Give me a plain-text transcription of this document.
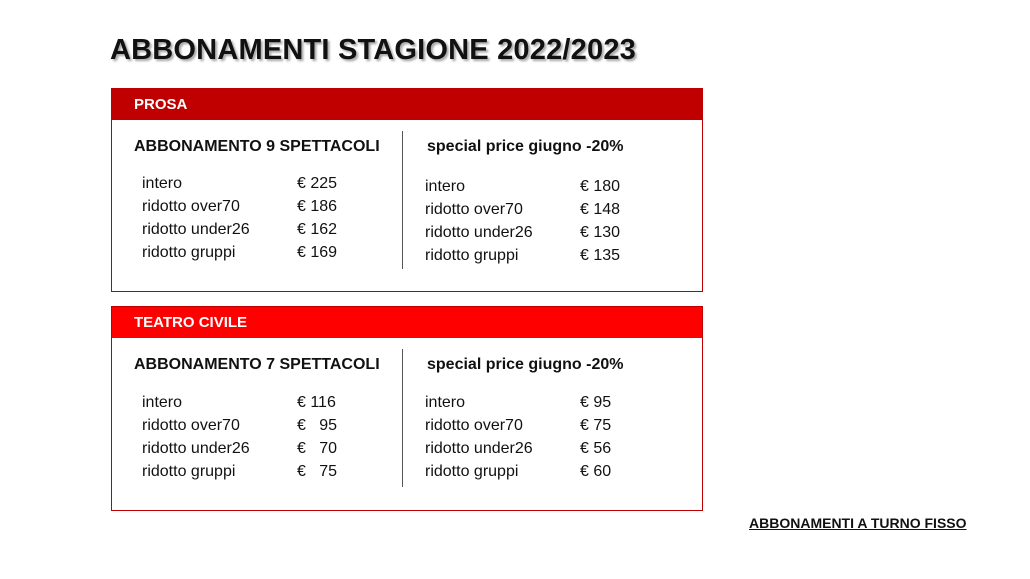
ABBONAMENTI STAGIONE 2022/2023
PROSA
ABBONAMENTO 9 SPETTACOLI
intero	€ 225
ridotto over70	€ 186
ridotto under26	€ 162
ridotto gruppi	€ 169
special price giugno -20%
intero	€ 180
ridotto over70	€ 148
ridotto under26	€ 130
ridotto gruppi	€ 135
TEATRO CIVILE
ABBONAMENTO 7 SPETTACOLI
intero	€ 116
ridotto over70	€   95
ridotto under26	€   70
ridotto gruppi	€   75
special price giugno -20%
intero	€ 95
ridotto over70	€ 75
ridotto under26	€ 56
ridotto gruppi	€ 60
ABBONAMENTI A TURNO FISSO
